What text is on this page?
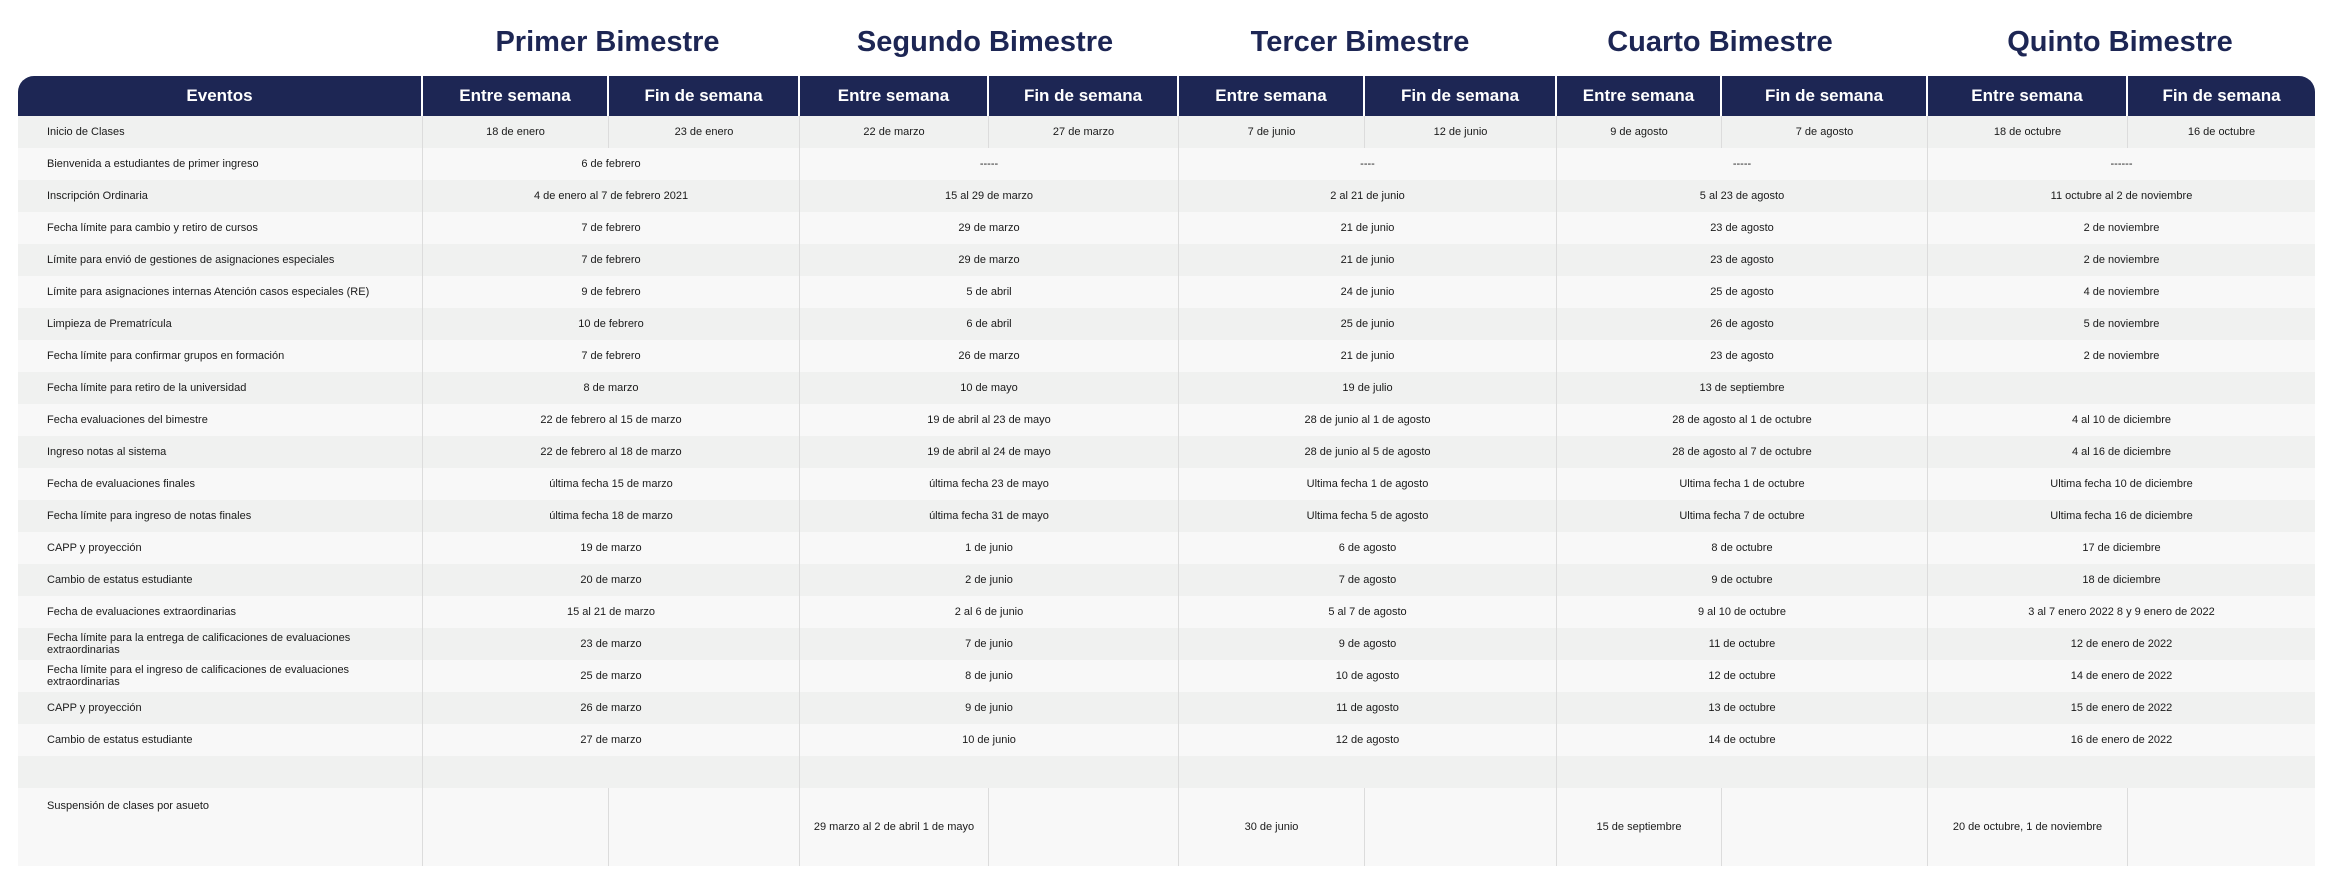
Primer Bimestre	Segundo Bimestre	Tercer Bimestre	Cuarto Bimestre	Quinto Bimestre
Eventos	Entre semana	Fin de semana	Entre semana	Fin de semana	Entre semana	Fin de semana	Entre semana	Fin de semana	Entre semana	Fin de semana
Inicio de Clases	18 de enero	23 de enero	22 de marzo	27 de marzo	7 de junio	12 de junio	9 de agosto	7 de agosto	18 de octubre	16 de octubre
Bienvenida a estudiantes de primer ingreso	6 de febrero		-----		----		-----		------	
Inscripción Ordinaria	4 de enero al 7 de febrero 2021		15 al 29 de marzo		2 al 21 de junio		5 al 23 de agosto		11 octubre al 2 de noviembre	
Fecha límite para cambio y retiro de cursos	7 de febrero		29 de marzo		21 de junio		23 de agosto		2 de noviembre	
Límite para envió de gestiones de asignaciones especiales	7 de febrero		29 de marzo		21 de junio		23 de agosto		2 de noviembre	
Límite para asignaciones internas Atención casos especiales (RE)	9 de febrero		5 de abril		24 de junio		25 de agosto		4 de noviembre	
Limpieza de Prematrícula	10 de febrero		6 de abril		25 de junio		26 de agosto		5 de noviembre	
Fecha límite para confirmar grupos en formación	7 de febrero		26 de marzo		21 de junio		23 de agosto		2 de noviembre	
Fecha límite para retiro de la universidad	8 de marzo		10 de mayo		19 de julio		13 de septiembre			
Fecha evaluaciones del bimestre	22 de febrero al 15 de marzo		19 de abril al 23 de mayo		28 de junio al 1 de agosto		28 de agosto al 1 de octubre		4 al 10 de diciembre	
Ingreso notas al sistema	22 de febrero al 18 de marzo		19 de abril al 24 de mayo		28 de junio al 5 de agosto		28 de agosto al 7 de octubre		4 al 16 de diciembre	
Fecha de evaluaciones finales	última fecha 15 de marzo		última fecha 23 de mayo		Ultima fecha 1 de agosto		Ultima fecha 1 de octubre		Ultima fecha 10 de diciembre	
Fecha límite para ingreso de notas finales	última fecha 18 de marzo		última fecha 31 de mayo		Ultima fecha 5 de agosto		Ultima fecha 7 de octubre		Ultima fecha 16 de diciembre	
CAPP y proyección	19 de marzo		1 de junio		6 de agosto		8 de octubre		17 de diciembre	
Cambio de estatus estudiante	20 de marzo		2 de junio		7 de agosto		9 de octubre		18 de diciembre	
Fecha de evaluaciones extraordinarias	15 al 21 de marzo		2 al 6 de junio		5 al 7 de agosto		9 al 10 de octubre		3 al 7 enero 2022 8 y 9 enero de 2022	
Fecha límite para la entrega de calificaciones de evaluaciones extraordinarias	23 de marzo		7 de junio		9 de agosto		11 de octubre		12 de enero de 2022	
Fecha límite para el ingreso de calificaciones de evaluaciones extraordinarias	25 de marzo		8 de junio		10 de agosto		12 de octubre		14 de enero de 2022	
CAPP y proyección	26 de marzo		9 de junio		11 de agosto		13 de octubre		15 de enero de 2022	
Cambio de estatus estudiante	27 de marzo		10 de junio		12 de agosto		14 de octubre		16 de enero de 2022	

Suspensión de clases por asueto			29 marzo al 2 de abril 1 de mayo		30 de junio		15 de septiembre		20 de octubre, 1 de noviembre	
